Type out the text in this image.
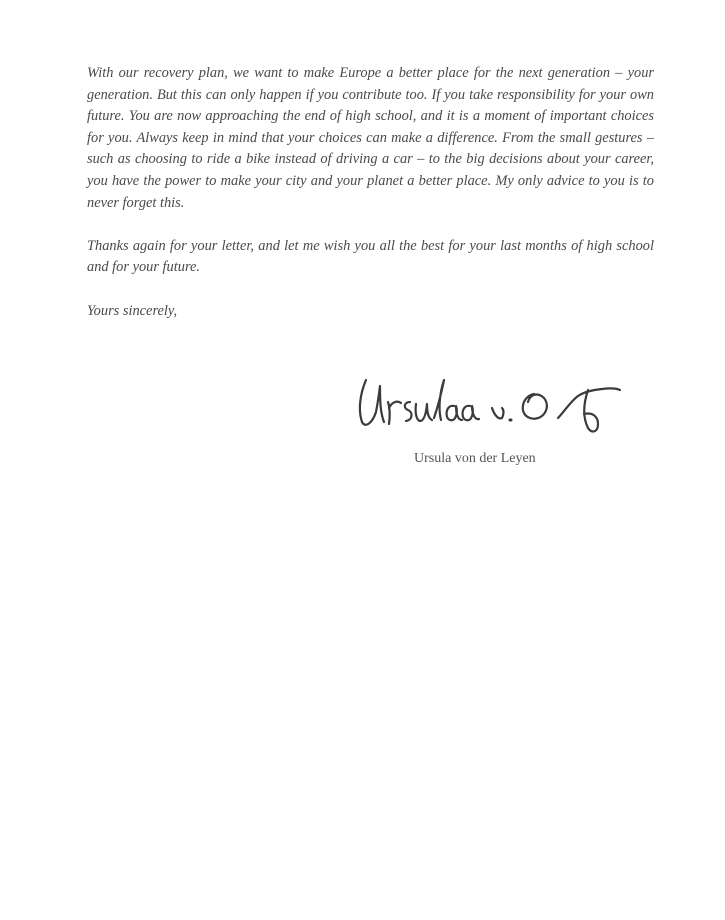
With our recovery plan, we want to make Europe a better place for the next generation – your generation. But this can only happen if you contribute too. If you take responsibility for your own future. You are now approaching the end of high school, and it is a moment of important choices for you. Always keep in mind that your choices can make a difference. From the small gestures – such as choosing to ride a bike instead of driving a car – to the big decisions about your career, you have the power to make your city and your planet a better place. My only advice to you is to never forget this.

Thanks again for your letter, and let me wish you all the best for your last months of high school and for your future.

Yours sincerely,

Ursula von der Leyen
